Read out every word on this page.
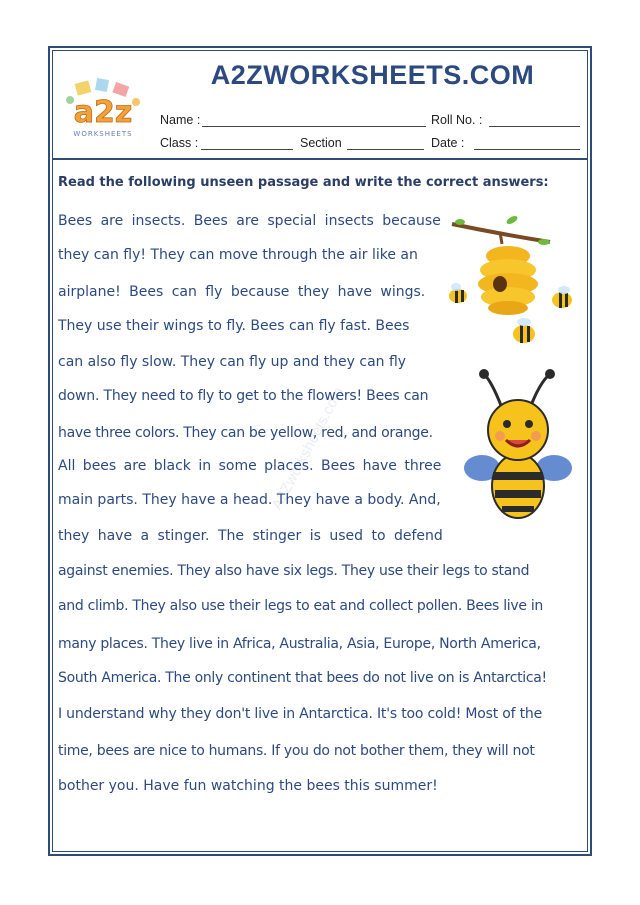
a2z
WORKSHEETS
A2ZWORKSHEETS.COM
Name :	Roll No. :
Class :	Section	Date :

Read the following unseen passage and write the correct answers:

A2Zworksheets.com

Bees are insects. Bees are special insects because

they can fly! They can move through the air like an

airplane! Bees can fly because they have wings.

They use their wings to fly. Bees can fly fast. Bees

can also fly slow. They can fly up and they can fly

down. They need to fly to get to the flowers! Bees can

have three colors. They can be yellow, red, and orange.

All bees are black in some places. Bees have three

main parts. They have a head. They have a body. And,

they have a stinger. The stinger is used to defend

against enemies. They also have six legs. They use their legs to stand

and climb. They also use their legs to eat and collect pollen. Bees live in

many places. They live in Africa, Australia, Asia, Europe, North America,

South America. The only continent that bees do not live on is Antarctica!

I understand why they don't live in Antarctica. It's too cold! Most of the

time, bees are nice to humans. If you do not bother them, they will not

bother you. Have fun watching the bees this summer!
